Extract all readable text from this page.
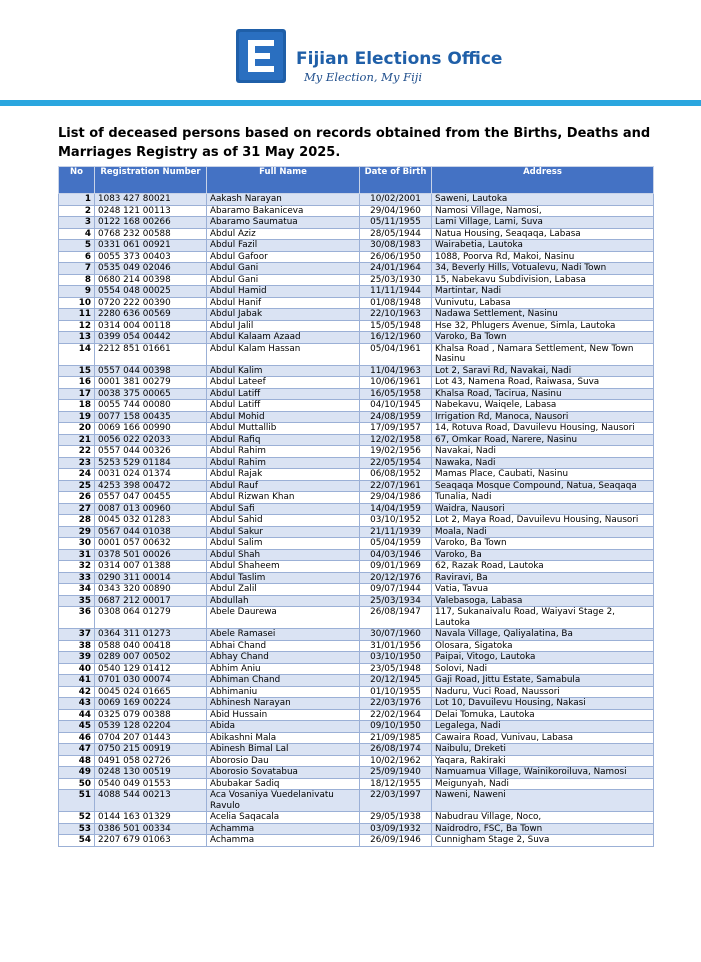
Fijian Elections Office
My Election, My Fiji

List of deceased persons based on records obtained from the Births, Deaths and
Marriages Registry as of 31 May 2025.

No	Registration Number	Full Name	Date of Birth	Address
1	1083 427 80021	Aakash Narayan	10/02/2001	Saweni, Lautoka
2	0248 121 00113	Abaramo Bakaniceva	29/04/1960	Namosi Village, Namosi,
3	0122 168 00266	Abaramo Saumatua	05/11/1955	Lami Village, Lami, Suva
4	0768 232 00588	Abdul Aziz	28/05/1944	Natua Housing, Seaqaqa, Labasa
5	0331 061 00921	Abdul Fazil	30/08/1983	Wairabetia, Lautoka
6	0055 373 00403	Abdul Gafoor	26/06/1950	1088, Poorva Rd, Makoi, Nasinu
7	0535 049 02046	Abdul Gani	24/01/1964	34, Beverly Hills, Votualevu, Nadi Town
8	0680 214 00398	Abdul Gani	25/03/1930	15, Nabekavu Subdivision, Labasa
9	0554 048 00025	Abdul Hamid	11/11/1944	Martintar, Nadi
10	0720 222 00390	Abdul Hanif	01/08/1948	Vunivutu, Labasa
11	2280 636 00569	Abdul Jabak	22/10/1963	Nadawa Settlement, Nasinu
12	0314 004 00118	Abdul Jalil	15/05/1948	Hse 32, Phlugers Avenue, Simla, Lautoka
13	0399 054 00442	Abdul Kalaam Azaad	16/12/1960	Varoko, Ba Town
14	2212 851 01661	Abdul Kalam Hassan	05/04/1961	Khalsa Road , Namara Settlement, New Town Nasinu
15	0557 044 00398	Abdul Kalim	11/04/1963	Lot 2, Saravi Rd, Navakai, Nadi
16	0001 381 00279	Abdul Lateef	10/06/1961	Lot 43, Namena Road, Raiwasa, Suva
17	0038 375 00065	Abdul Latiff	16/05/1958	Khalsa Road, Tacirua, Nasinu
18	0055 744 00080	Abdul Latiff	04/10/1945	Nabekavu, Waiqele, Labasa
19	0077 158 00435	Abdul Mohid	24/08/1959	Irrigation Rd, Manoca, Nausori
20	0069 166 00990	Abdul Muttallib	17/09/1957	14, Rotuva Road, Davuilevu Housing, Nausori
21	0056 022 02033	Abdul Rafiq	12/02/1958	67, Omkar Road, Narere, Nasinu
22	0557 044 00326	Abdul Rahim	19/02/1956	Navakai, Nadi
23	5253 529 01184	Abdul Rahim	22/05/1954	Nawaka, Nadi
24	0031 024 01374	Abdul Rajak	06/08/1952	Mamas Place, Caubati, Nasinu
25	4253 398 00472	Abdul Rauf	22/07/1961	Seaqaqa Mosque Compound, Natua, Seaqaqa
26	0557 047 00455	Abdul Rizwan Khan	29/04/1986	Tunalia, Nadi
27	0087 013 00960	Abdul Safi	14/04/1959	Waidra, Nausori
28	0045 032 01283	Abdul Sahid	03/10/1952	Lot 2, Maya Road, Davuilevu Housing, Nausori
29	0567 044 01038	Abdul Sakur	21/11/1939	Moala, Nadi
30	0001 057 00632	Abdul Salim	05/04/1959	Varoko, Ba Town
31	0378 501 00026	Abdul Shah	04/03/1946	Varoko, Ba
32	0314 007 01388	Abdul Shaheem	09/01/1969	62, Razak Road, Lautoka
33	0290 311 00014	Abdul Taslim	20/12/1976	Raviravi, Ba
34	0343 320 00890	Abdul Zalil	09/07/1944	Vatia, Tavua
35	0687 212 00017	Abdullah	25/03/1934	Valebasoga, Labasa
36	0308 064 01279	Abele Daurewa	26/08/1947	117, Sukanaivalu Road, Waiyavi Stage 2, Lautoka
37	0364 311 01273	Abele Ramasei	30/07/1960	Navala Village, Qaliyalatina, Ba
38	0588 040 00418	Abhai Chand	31/01/1956	Olosara, Sigatoka
39	0289 007 00502	Abhay Chand	03/10/1950	Paipai, Vitogo, Lautoka
40	0540 129 01412	Abhim Aniu	23/05/1948	Solovi, Nadi
41	0701 030 00074	Abhiman Chand	20/12/1945	Gaji Road, Jittu Estate, Samabula
42	0045 024 01665	Abhimaniu	01/10/1955	Naduru, Vuci Road, Naussori
43	0069 169 00224	Abhinesh Narayan	22/03/1976	Lot 10, Davuilevu Housing, Nakasi
44	0325 079 00388	Abid Hussain	22/02/1964	Delai Tomuka, Lautoka
45	0539 128 02204	Abida	09/10/1950	Legalega, Nadi
46	0704 207 01443	Abikashni Mala	21/09/1985	Cawaira Road, Vunivau, Labasa
47	0750 215 00919	Abinesh Bimal Lal	26/08/1974	Naibulu, Dreketi
48	0491 058 02726	Aborosio Dau	10/02/1962	Yaqara, Rakiraki
49	0248 130 00519	Aborosio Sovatabua	25/09/1940	Namuamua Village, Wainikoroiluva, Namosi
50	0540 049 01553	Abubakar Sadiq	18/12/1955	Meigunyah, Nadi
51	4088 544 00213	Aca Vosaniya Vuedelanivatu Ravulo	22/03/1997	Naweni, Naweni
52	0144 163 01329	Acelia Saqacala	29/05/1938	Nabudrau Village, Noco,
53	0386 501 00334	Achamma	03/09/1932	Naidrodro, FSC, Ba Town
54	2207 679 01063	Achamma	26/09/1946	Cunnigham Stage 2, Suva
